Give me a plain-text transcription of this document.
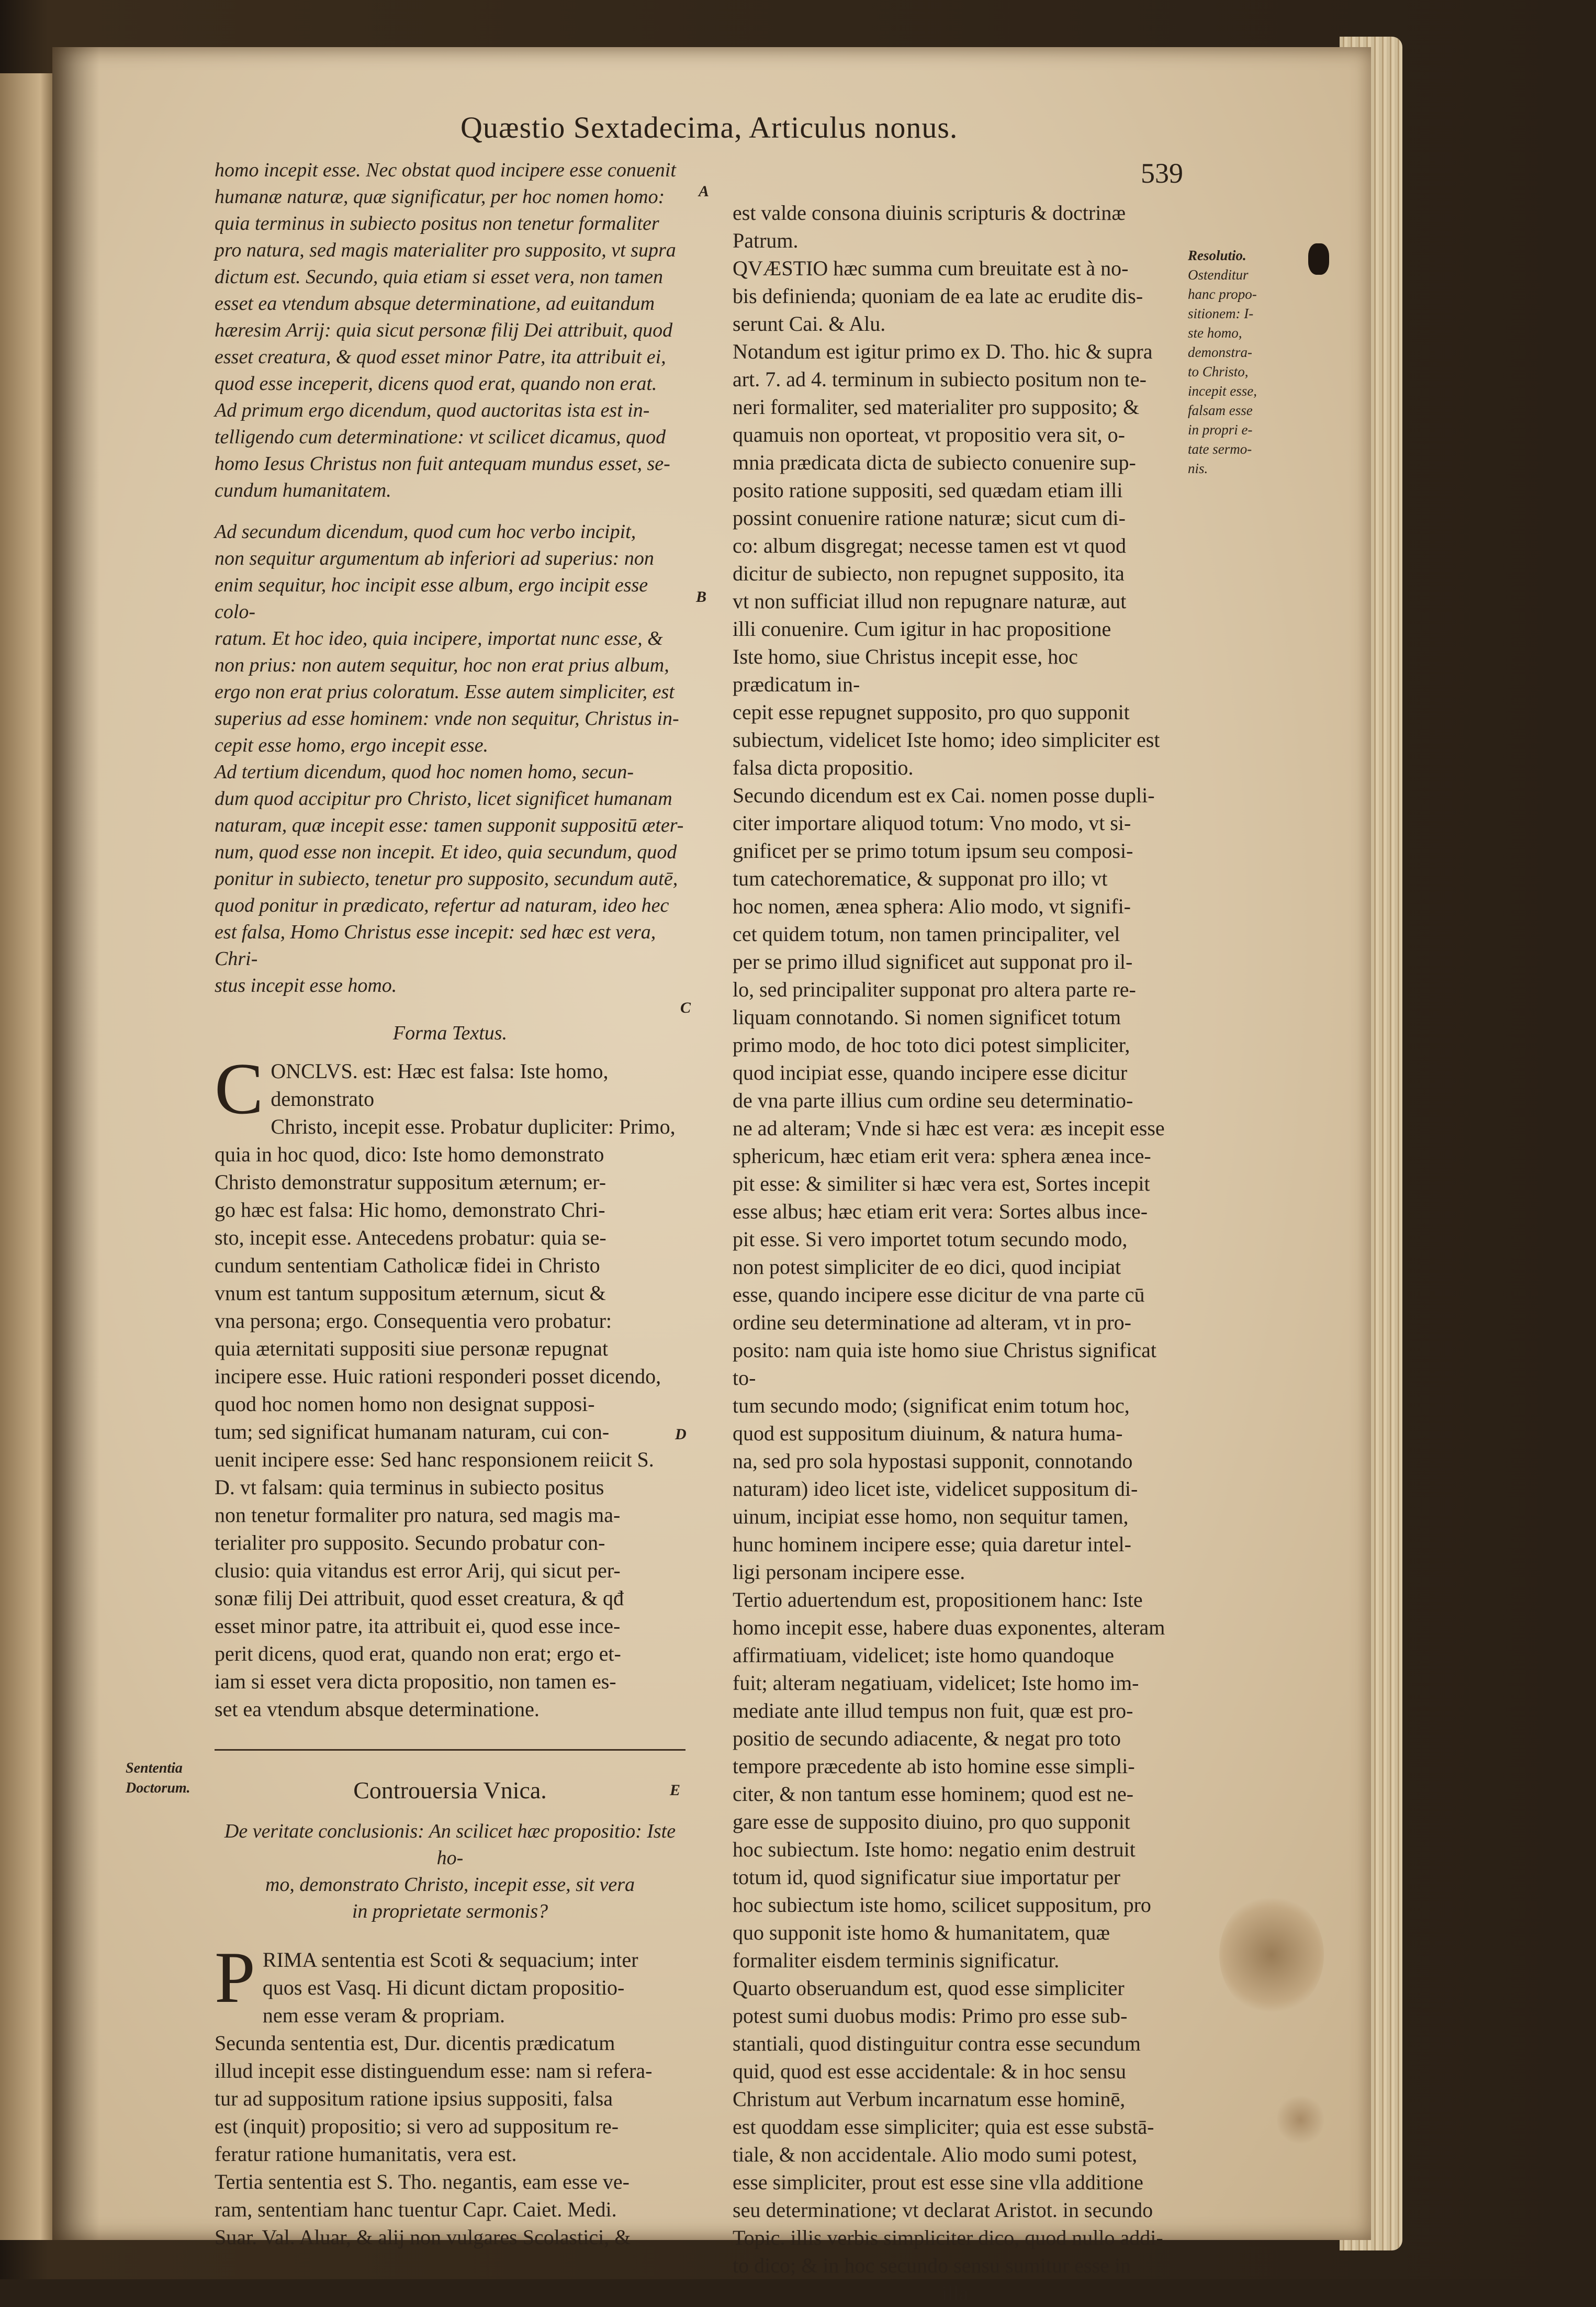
Quæstio Sextadecima, Articulus nonus.
539
A
B
C
D
E

homo incepit esse. Nec obstat quod incipere esse conuenit

humanæ naturæ, quæ significatur, per hoc nomen homo:

quia terminus in subiecto positus non tenetur formaliter

pro natura, sed magis materialiter pro supposito, vt supra

dictum est. Secundo, quia etiam si esset vera, non tamen

esset ea vtendum absque determinatione, ad euitandum

hæresim Arrij: quia sicut personæ filij Dei attribuit, quod

esset creatura, & quod esset minor Patre, ita attribuit ei,

quod esse inceperit, dicens quod erat, quando non erat.

Ad primum ergo dicendum, quod auctoritas ista est in-

telligendo cum determinatione: vt scilicet dicamus, quod

homo Iesus Christus non fuit antequam mundus esset, se-

cundum humanitatem.

Ad secundum dicendum, quod cum hoc verbo incipit,

non sequitur argumentum ab inferiori ad superius: non

enim sequitur, hoc incipit esse album, ergo incipit esse colo-

ratum. Et hoc ideo, quia incipere, importat nunc esse, &

non prius: non autem sequitur, hoc non erat prius album,

ergo non erat prius coloratum. Esse autem simpliciter, est

superius ad esse hominem: vnde non sequitur, Christus in-

cepit esse homo, ergo incepit esse.

Ad tertium dicendum, quod hoc nomen homo, secun-

dum quod accipitur pro Christo, licet significet humanam

naturam, quæ incepit esse: tamen supponit suppositū æter-

num, quod esse non incepit. Et ideo, quia secundum, quod

ponitur in subiecto, tenetur pro supposito, secundum autē,

quod ponitur in prædicato, refertur ad naturam, ideo hec

est falsa, Homo Christus esse incepit: sed hæc est vera, Chri-

stus incepit esse homo.

Forma Textus.

C ONCLVS. est: Hæc est falsa: Iste homo, demonstrato

Christo, incepit esse. Probatur dupliciter: Primo,

quia in hoc quod, dico: Iste homo demonstrato

Christo demonstratur suppositum æternum; er-

go hæc est falsa: Hic homo, demonstrato Chri-

sto, incepit esse. Antecedens probatur: quia se-

cundum sententiam Catholicæ fidei in Christo

vnum est tantum suppositum æternum, sicut &

vna persona; ergo. Consequentia vero probatur:

quia æternitati suppositi siue personæ repugnat

incipere esse. Huic rationi responderi posset dicendo,

quod hoc nomen homo non designat supposi-

tum; sed significat humanam naturam, cui con-

uenit incipere esse: Sed hanc responsionem reiicit S.

D. vt falsam: quia terminus in subiecto positus

non tenetur formaliter pro natura, sed magis ma-

terialiter pro supposito. Secundo probatur con-

clusio: quia vitandus est error Arij, qui sicut per-

sonæ filij Dei attribuit, quod esset creatura, & qđ

esset minor patre, ita attribuit ei, quod esse ince-

perit dicens, quod erat, quando non erat; ergo et-

iam si esset vera dicta propositio, non tamen es-

set ea vtendum absque determinatione.

Controuersia Vnica.

De veritate conclusionis: An scilicet hæc propositio: Iste ho-

mo, demonstrato Christo, incepit esse, sit vera

in proprietate sermonis?

P RIMA sententia est Scoti & sequacium; inter

quos est Vasq. Hi dicunt dictam propositio-

nem esse veram & propriam.

Secunda sententia est, Dur. dicentis prædicatum

illud incepit esse distinguendum esse: nam si refera-

tur ad suppositum ratione ipsius suppositi, falsa

est (inquit) propositio; si vero ad suppositum re-

feratur ratione humanitatis, vera est.

Tertia sententia est S. Tho. negantis, eam esse ve-

ram, sententiam hanc tuentur Capr. Caiet. Medi.

Suar. Val. Aluar, & alij non vulgares Scolastici, &

Sententia
Doctorum.

est valde consona diuinis scripturis & doctrinæ

Patrum.

QVÆSTIO hæc summa cum breuitate est à no-

bis definienda; quoniam de ea late ac erudite dis-

serunt Cai. & Alu.

Notandum est igitur primo ex D. Tho. hic & supra

art. 7. ad 4. terminum in subiecto positum non te-

neri formaliter, sed materialiter pro supposito; &

quamuis non oporteat, vt propositio vera sit, o-

mnia prædicata dicta de subiecto conuenire sup-

posito ratione suppositi, sed quædam etiam illi

possint conuenire ratione naturæ; sicut cum di-

co: album disgregat; necesse tamen est vt quod

dicitur de subiecto, non repugnet supposito, ita

vt non sufficiat illud non repugnare naturæ, aut

illi conuenire. Cum igitur in hac propositione

Iste homo, siue Christus incepit esse, hoc prædicatum in-

cepit esse repugnet supposito, pro quo supponit

subiectum, videlicet Iste homo; ideo simpliciter est

falsa dicta propositio.

Secundo dicendum est ex Cai. nomen posse dupli-

citer importare aliquod totum: Vno modo, vt si-

gnificet per se primo totum ipsum seu composi-

tum catechorematice, & supponat pro illo; vt

hoc nomen, ænea sphera: Alio modo, vt signifi-

cet quidem totum, non tamen principaliter, vel

per se primo illud significet aut supponat pro il-

lo, sed principaliter supponat pro altera parte re-

liquam connotando. Si nomen significet totum

primo modo, de hoc toto dici potest simpliciter,

quod incipiat esse, quando incipere esse dicitur

de vna parte illius cum ordine seu determinatio-

ne ad alteram; Vnde si hæc est vera: æs incepit esse

sphericum, hæc etiam erit vera: sphera ænea ince-

pit esse: & similiter si hæc vera est, Sortes incepit

esse albus; hæc etiam erit vera: Sortes albus ince-

pit esse. Si vero importet totum secundo modo,

non potest simpliciter de eo dici, quod incipiat

esse, quando incipere esse dicitur de vna parte cū

ordine seu determinatione ad alteram, vt in pro-

posito: nam quia iste homo siue Christus significat to-

tum secundo modo; (significat enim totum hoc,

quod est suppositum diuinum, & natura huma-

na, sed pro sola hypostasi supponit, connotando

naturam) ideo licet iste, videlicet suppositum di-

uinum, incipiat esse homo, non sequitur tamen,

hunc hominem incipere esse; quia daretur intel-

ligi personam incipere esse.

Tertio aduertendum est, propositionem hanc: Iste

homo incepit esse, habere duas exponentes, alteram

affirmatiuam, videlicet; iste homo quandoque

fuit; alteram negatiuam, videlicet; Iste homo im-

mediate ante illud tempus non fuit, quæ est pro-

positio de secundo adiacente, & negat pro toto

tempore præcedente ab isto homine esse simpli-

citer, & non tantum esse hominem; quod est ne-

gare esse de supposito diuino, pro quo supponit

hoc subiectum. Iste homo: negatio enim destruit

totum id, quod significatur siue importatur per

hoc subiectum iste homo, scilicet suppositum, pro

quo supponit iste homo & humanitatem, quæ

formaliter eisdem terminis significatur.

Quarto obseruandum est, quod esse simpliciter

potest sumi duobus modis: Primo pro esse sub-

stantiali, quod distinguitur contra esse secundum

quid, quod est esse accidentale: & in hoc sensu

Christum aut Verbum incarnatum esse hominē,

est quoddam esse simpliciter; quia est esse substā-

tiale, & non accidentale. Alio modo sumi potest,

esse simpliciter, prout est esse sine vlla additione

seu determinatione; vt declarat Aristot. in secundo

Topic. illis verbis simpliciter dico, quod nullo addi-

to dico; & in hoc secundo sensu sumitur esse in

illa

Resolutio.
Ostenditur
hanc propo-
sitionem: I-
ste homo,
demonstra-
to Christo,
incepit esse,
falsam esse
in propri e-
tate sermo-
nis.
